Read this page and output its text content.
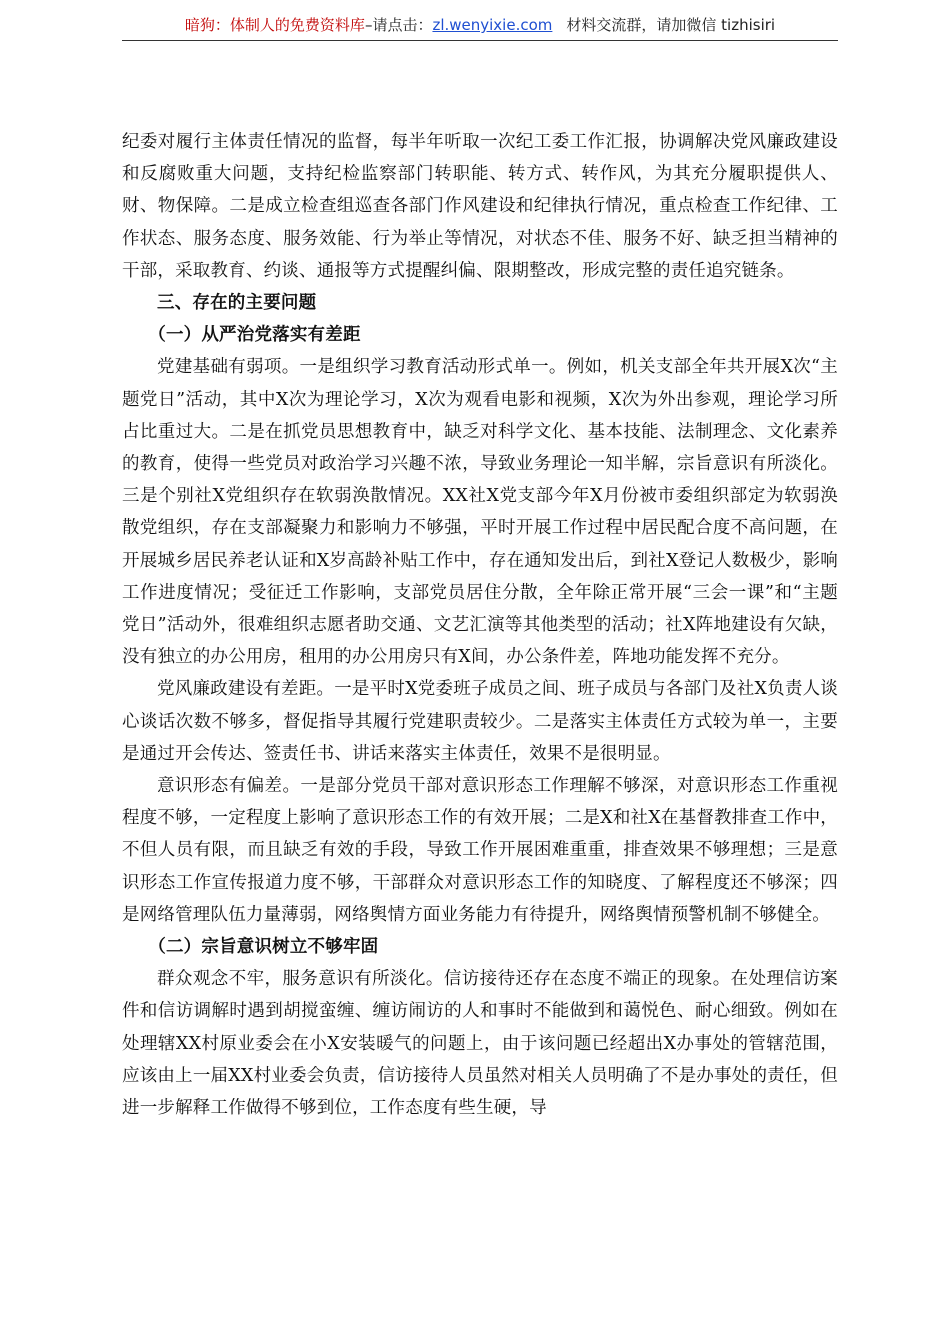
暗狗：体制人的免费资料库–请点击：zl.wenyixie.com 材料交流群，请加微信 tizhisiri

纪委对履行主体责任情况的监督，每半年听取一次纪工委工作汇报，协调解决党风廉政建设和反腐败重大问题，支持纪检监察部门转职能、转方式、转作风，为其充分履职提供人、财、物保障。二是成立检查组巡查各部门作风建设和纪律执行情况，重点检查工作纪律、工作状态、服务态度、服务效能、行为举止等情况，对状态不佳、服务不好、缺乏担当精神的干部，采取教育、约谈、通报等方式提醒纠偏、限期整改，形成完整的责任追究链条。

三、存在的主要问题

（一）从严治党落实有差距

党建基础有弱项。一是组织学习教育活动形式单一。例如，机关支部全年共开展X次“主题党日”活动，其中X次为理论学习，X次为观看电影和视频，X次为外出参观，理论学习所占比重过大。二是在抓党员思想教育中，缺乏对科学文化、基本技能、法制理念、文化素养的教育，使得一些党员对政治学习兴趣不浓，导致业务理论一知半解，宗旨意识有所淡化。三是个别社X党组织存在软弱涣散情况。XX社X党支部今年X月份被市委组织部定为软弱涣散党组织，存在支部凝聚力和影响力不够强，平时开展工作过程中居民配合度不高问题，在开展城乡居民养老认证和X岁高龄补贴工作中，存在通知发出后，到社X登记人数极少，影响工作进度情况；受征迁工作影响，支部党员居住分散，全年除正常开展“三会一课”和“主题党日”活动外，很难组织志愿者助交通、文艺汇演等其他类型的活动；社X阵地建设有欠缺，没有独立的办公用房，租用的办公用房只有X间，办公条件差，阵地功能发挥不充分。

党风廉政建设有差距。一是平时X党委班子成员之间、班子成员与各部门及社X负责人谈心谈话次数不够多，督促指导其履行党建职责较少。二是落实主体责任方式较为单一，主要是通过开会传达、签责任书、讲话来落实主体责任，效果不是很明显。

意识形态有偏差。一是部分党员干部对意识形态工作理解不够深，对意识形态工作重视程度不够，一定程度上影响了意识形态工作的有效开展；二是X和社X在基督教排查工作中，不但人员有限，而且缺乏有效的手段，导致工作开展困难重重，排查效果不够理想；三是意识形态工作宣传报道力度不够，干部群众对意识形态工作的知晓度、了解程度还不够深；四是网络管理队伍力量薄弱，网络舆情方面业务能力有待提升，网络舆情预警机制不够健全。

（二）宗旨意识树立不够牢固

群众观念不牢，服务意识有所淡化。信访接待还存在态度不端正的现象。在处理信访案件和信访调解时遇到胡搅蛮缠、缠访闹访的人和事时不能做到和蔼悦色、耐心细致。例如在处理辖XX村原业委会在小X安装暖气的问题上，由于该问题已经超出X办事处的管辖范围，应该由上一届XX村业委会负责，信访接待人员虽然对相关人员明确了不是办事处的责任，但进一步解释工作做得不够到位，工作态度有些生硬，导
